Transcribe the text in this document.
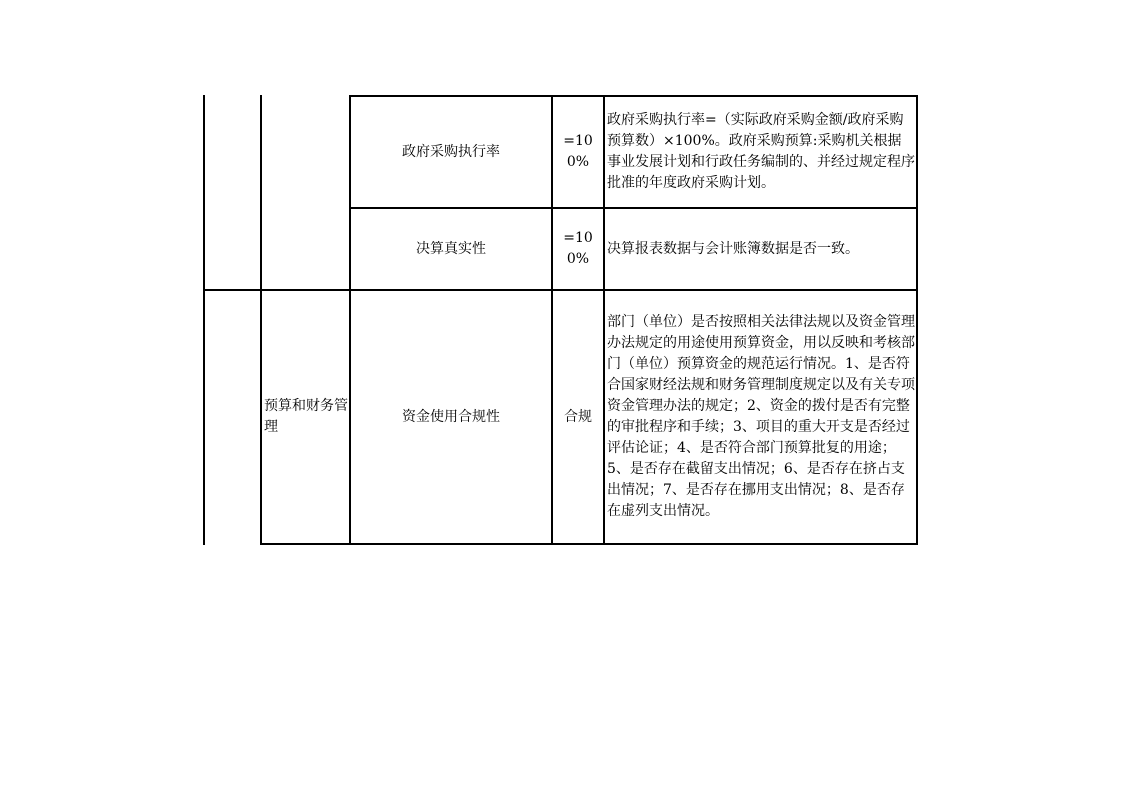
政府采购执行率
=100%
政府采购执行率=（实际政府采购金额/政府采购预算数）×100%。政府采购预算:采购机关根据事业发展计划和行政任务编制的、并经过规定程序批准的年度政府采购计划。
决算真实性
=100%
决算报表数据与会计账簿数据是否一致。
预算和财务管理
资金使用合规性	合规
部门（单位）是否按照相关法律法规以及资金管理办法规定的用途使用预算资金，用以反映和考核部门（单位）预算资金的规范运行情况。1、是否符合国家财经法规和财务管理制度规定以及有关专项资金管理办法的规定；2、资金的拨付是否有完整的审批程序和手续；3、项目的重大开支是否经过评估论证；4、是否符合部门预算批复的用途；5、是否存在截留支出情况；6、是否存在挤占支出情况；7、是否存在挪用支出情况；8、是否存在虚列支出情况。
